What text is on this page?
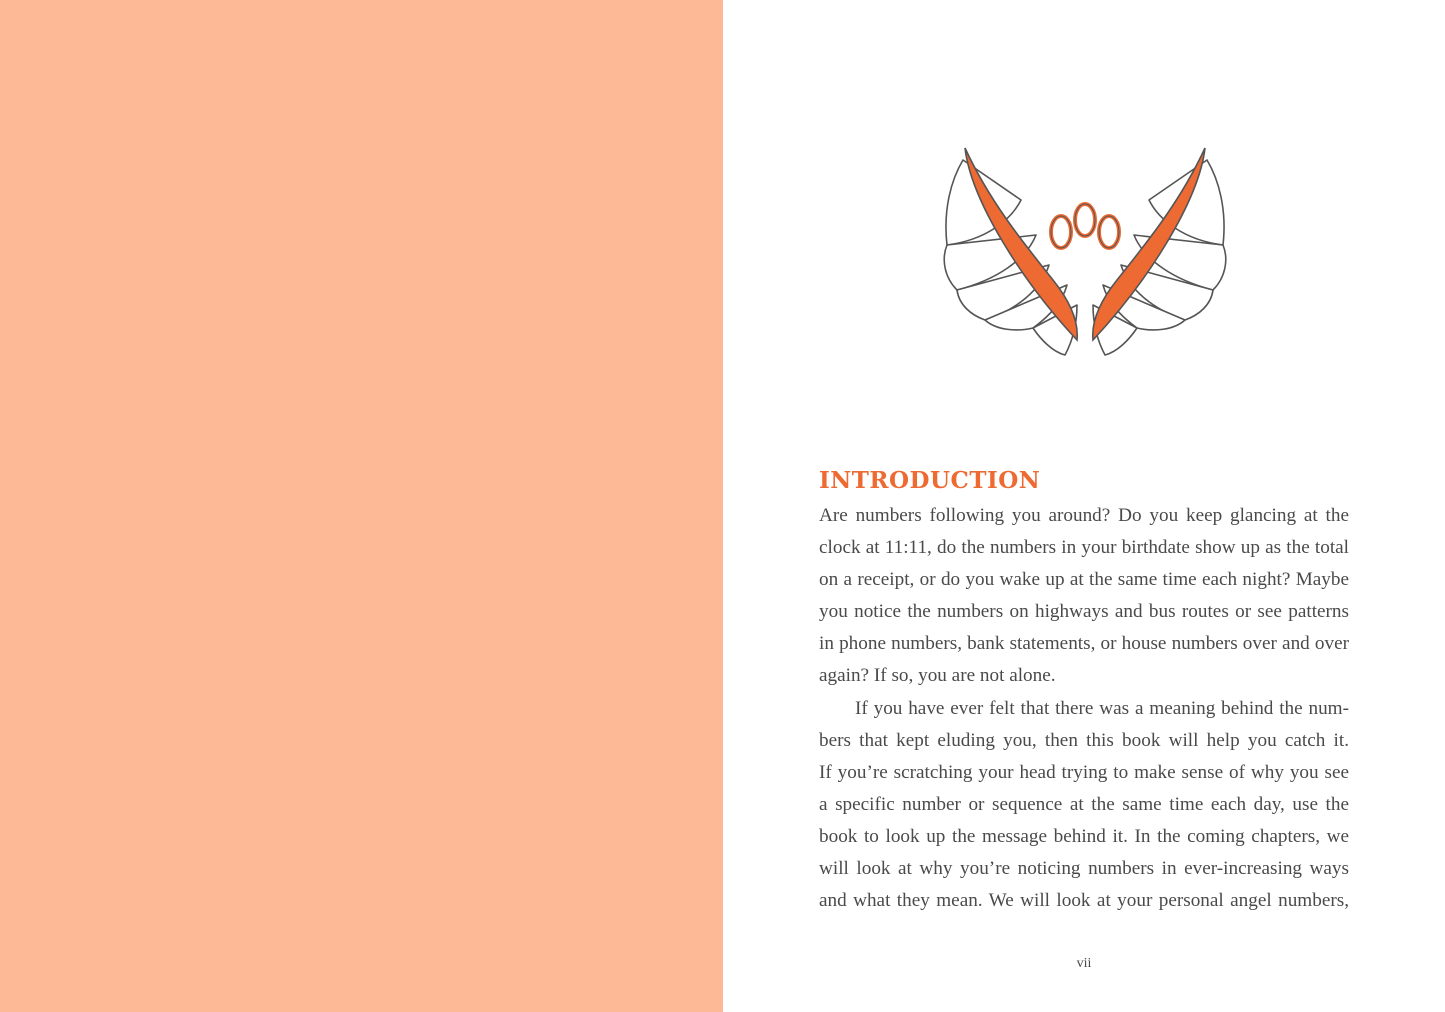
INTRODUCTION
Are numbers following you around? Do you keep glancing at the
clock at 11:11, do the numbers in your birthdate show up as the total
on a receipt, or do you wake up at the same time each night? Maybe
you notice the numbers on highways and bus routes or see patterns
in phone numbers, bank statements, or house numbers over and over
again? If so, you are not alone.
If you have ever felt that there was a meaning behind the num-
bers that kept eluding you, then this book will help you catch it.
If you’re scratching your head trying to make sense of why you see
a specific number or sequence at the same time each day, use the
book to look up the message behind it. In the coming chapters, we
will look at why you’re noticing numbers in ever-increasing ways
and what they mean. We will look at your personal angel numbers,
vii
